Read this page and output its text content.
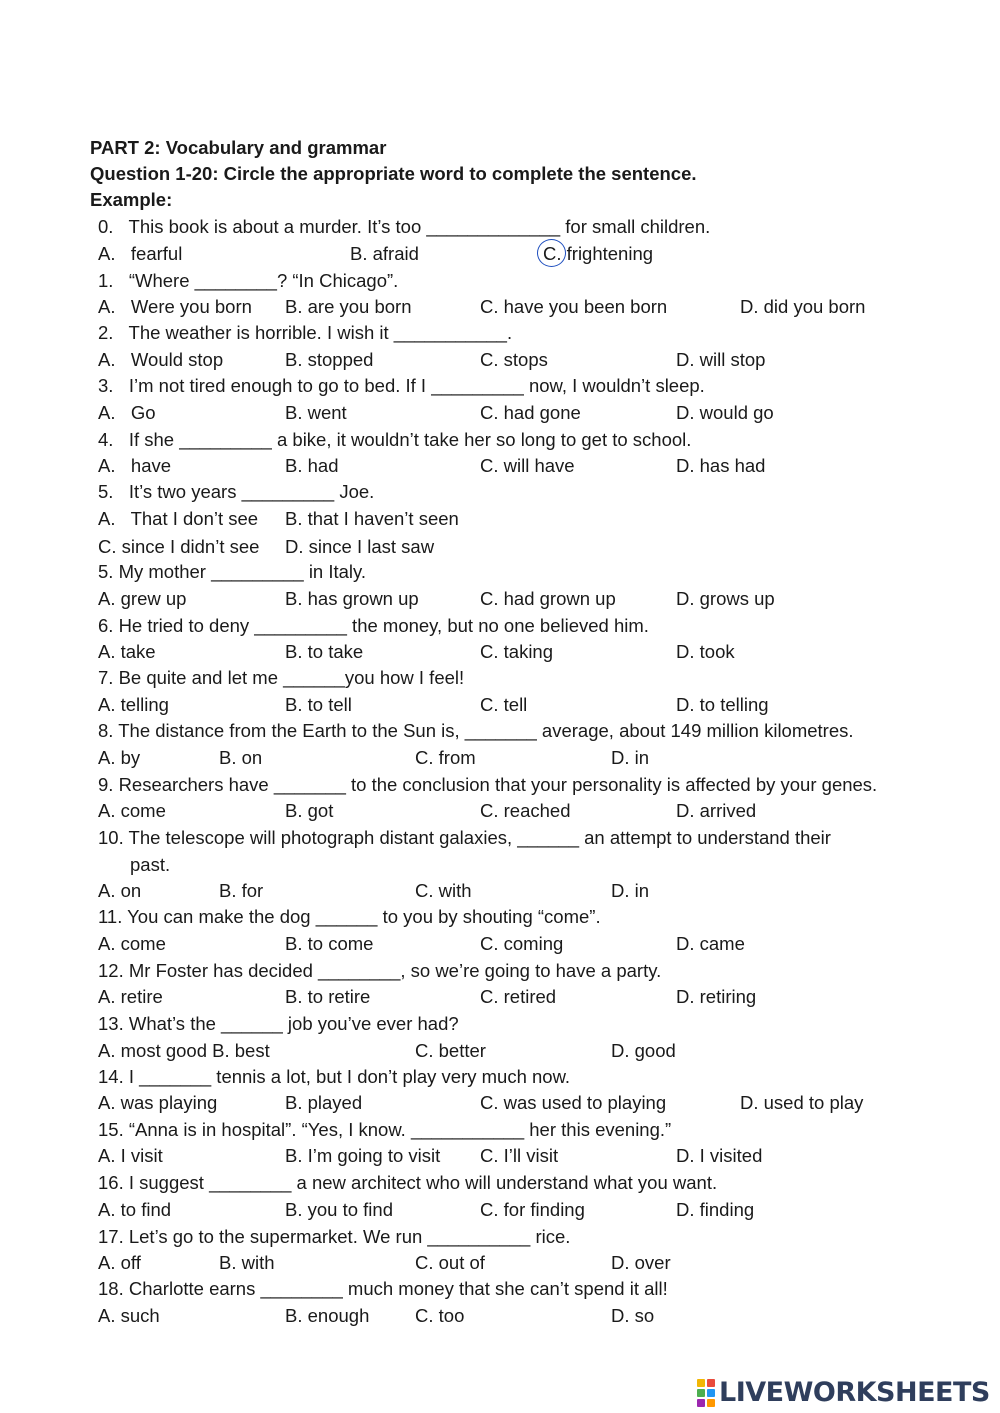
PART 2: Vocabulary and grammar
Question 1-20: Circle the appropriate word to complete the sentence.
Example:
0.   This book is about a murder. It’s too _____________ for small children.
A.   fearful	B. afraid	C. frightening
1.   “Where ________? “In Chicago”.
A.   Were you born B. are you born	C. have you been born	D. did you born
2.   The weather is horrible. I wish it ___________.
A.   Would stop	B. stopped	C. stops	D. will stop
3.   I’m not tired enough to go to bed. If I _________ now, I wouldn’t sleep.
A.   Go	B. went	C. had gone	D. would go
4.   If she _________ a bike, it wouldn’t take her so long to get to school.
A.   have	B. had	C. will have	D. has had
5.   It’s two years _________ Joe.
A.   That I don’t see B. that I haven’t seen
C. since I didn’t see D. since I last saw
5. My mother _________ in Italy.
A. grew up	B. has grown up	C. had grown up	D. grows up
6. He tried to deny _________ the money, but no one believed him.
A. take	B. to take	C. taking	D. took
7. Be quite and let me ______you how I feel!
A. telling	B. to tell	C. tell	D. to telling
8. The distance from the Earth to the Sun is, _______ average, about 149 million kilometres.
A. by	B. on	C. from	D. in
9. Researchers have _______ to the conclusion that your personality is affected by your genes.
A. come	B. got	C. reached	D. arrived
10. The telescope will photograph distant galaxies, ______ an attempt to understand their
past.
A. on	B. for	C. with	D. in
11. You can make the dog ______ to you by shouting “come”.
A. come	B. to come	C. coming	D. came
12. Mr Foster has decided ________, so we’re going to have a party.
A. retire	B. to retire	C. retired	D. retiring
13. What’s the ______ job you’ve ever had?
A. most good B. best	C. better	D. good
14. I _______ tennis a lot, but I don’t play very much now.
A. was playing	B. played	C. was used to playing	D. used to play
15. “Anna is in hospital”. “Yes, I know. ___________ her this evening.”
A. I visit	B. I’m going to visit C. I’ll visit	D. I visited
16. I suggest ________ a new architect who will understand what you want.
A. to find	B. you to find	C. for finding	D. finding
17. Let’s go to the supermarket. We run __________ rice.
A. off	B. with	C. out of	D. over
18. Charlotte earns ________ much money that she can’t spend it all!
A. such	B. enough C. too	D. so
LIVEWORKSHEETS
